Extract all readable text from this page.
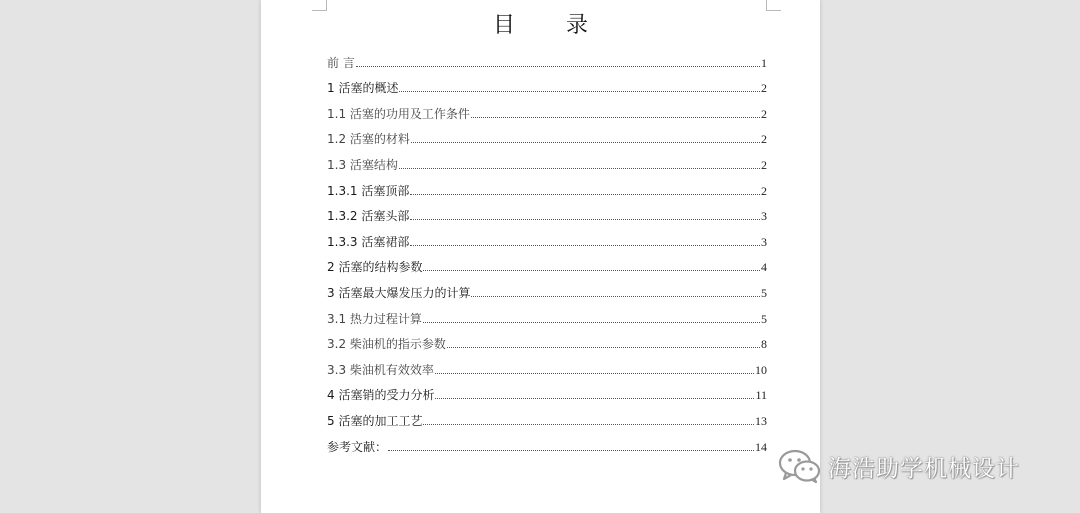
目 录
前 言	1
1 活塞的概述	2
1.1 活塞的功用及工作条件	2
1.2 活塞的材料	2
1.3 活塞结构	2
1.3.1 活塞顶部	2
1.3.2 活塞头部	3
1.3.3 活塞裙部	3
2 活塞的结构参数	4
3 活塞最大爆发压力的计算	5
3.1 热力过程计算	5
3.2 柴油机的指示参数	8
3.3 柴油机有效效率	10
4 活塞销的受力分析	11
5 活塞的加工工艺	13
参考文献：	14
海浩助学机械设计
